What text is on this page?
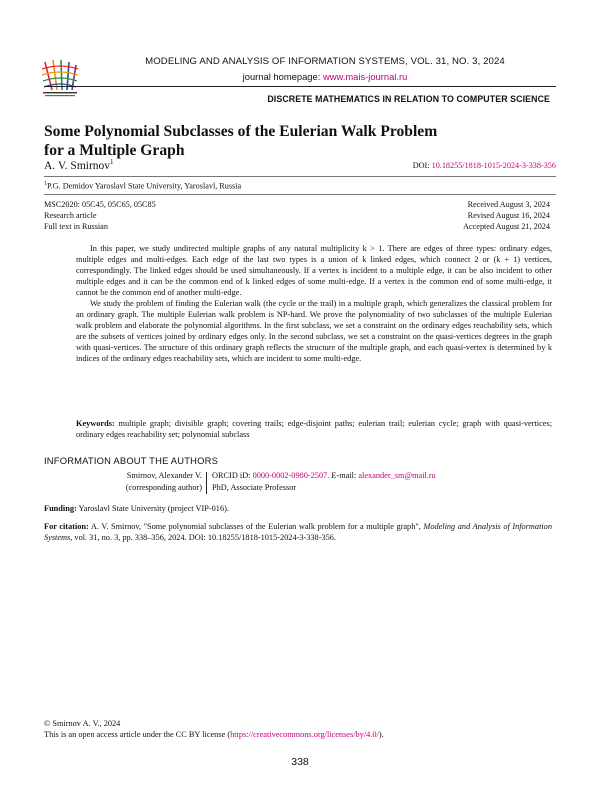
MODELING AND ANALYSIS OF INFORMATION SYSTEMS, VOL. 31, NO. 3, 2024
journal homepage: www.mais-journal.ru
DISCRETE MATHEMATICS IN RELATION TO COMPUTER SCIENCE
Some Polynomial Subclasses of the Eulerian Walk Problem
for a Multiple Graph
A. V. Smirnov$^1$	DOI: 10.18255/1818-1015-2024-3-338-356
$^1$P.G. Demidov Yaroslavl State University, Yaroslavl, Russia
MSC2020: 05C45, 05C65, 05C85
Research article
Full text in Russian
Received August 3, 2024
Revised August 16, 2024
Accepted August 21, 2024

In this paper, we study undirected multiple graphs of any natural multiplicity k > 1. There are edges of three types: ordinary edges, multiple edges and multi-edges. Each edge of the last two types is a union of k linked edges, which connect 2 or (k + 1) vertices, correspondingly. The linked edges should be used simultaneously. If a vertex is incident to a multiple edge, it can be also incident to other multiple edges and it can be the common end of k linked edges of some multi-edge. If a vertex is the common end of some multi-edge, it cannot be the common end of another multi-edge.

We study the problem of finding the Eulerian walk (the cycle or the trail) in a multiple graph, which generalizes the classical problem for an ordinary graph. The multiple Eulerian walk problem is NP-hard. We prove the polynomiality of two subclasses of the multiple Eulerian walk problem and elaborate the polynomial algorithms. In the first subclass, we set a constraint on the ordinary edges reachability sets, which are the subsets of vertices joined by ordinary edges only. In the second subclass, we set a constraint on the quasi-vertices degrees in the graph with quasi-vertices. The structure of this ordinary graph reflects the structure of the multiple graph, and each quasi-vertex is determined by k indices of the ordinary edges reachability sets, which are incident to some multi-edge.

Keywords: multiple graph; divisible graph; covering trails; edge-disjoint paths; eulerian trail; eulerian cycle; graph with quasi-vertices; ordinary edges reachability set; polynomial subclass
INFORMATION ABOUT THE AUTHORS
Smirnov, Alexander V.
(corresponding author)
ORCID iD: 0000-0002-0980-2507. E-mail: alexander_sm@mail.ru
PhD, Associate Professor
Funding: Yaroslavl State University (project VIP-016).
For citation: A. V. Smirnov, "Some polynomial subclasses of the Eulerian walk problem for a multiple graph", Modeling and Analysis of Information Systems, vol. 31, no. 3, pp. 338–356, 2024. DOI: 10.18255/1818-1015-2024-3-338-356.
© Smirnov A. V., 2024
This is an open access article under the CC BY license (https://creativecommons.org/licenses/by/4.0/).
338
